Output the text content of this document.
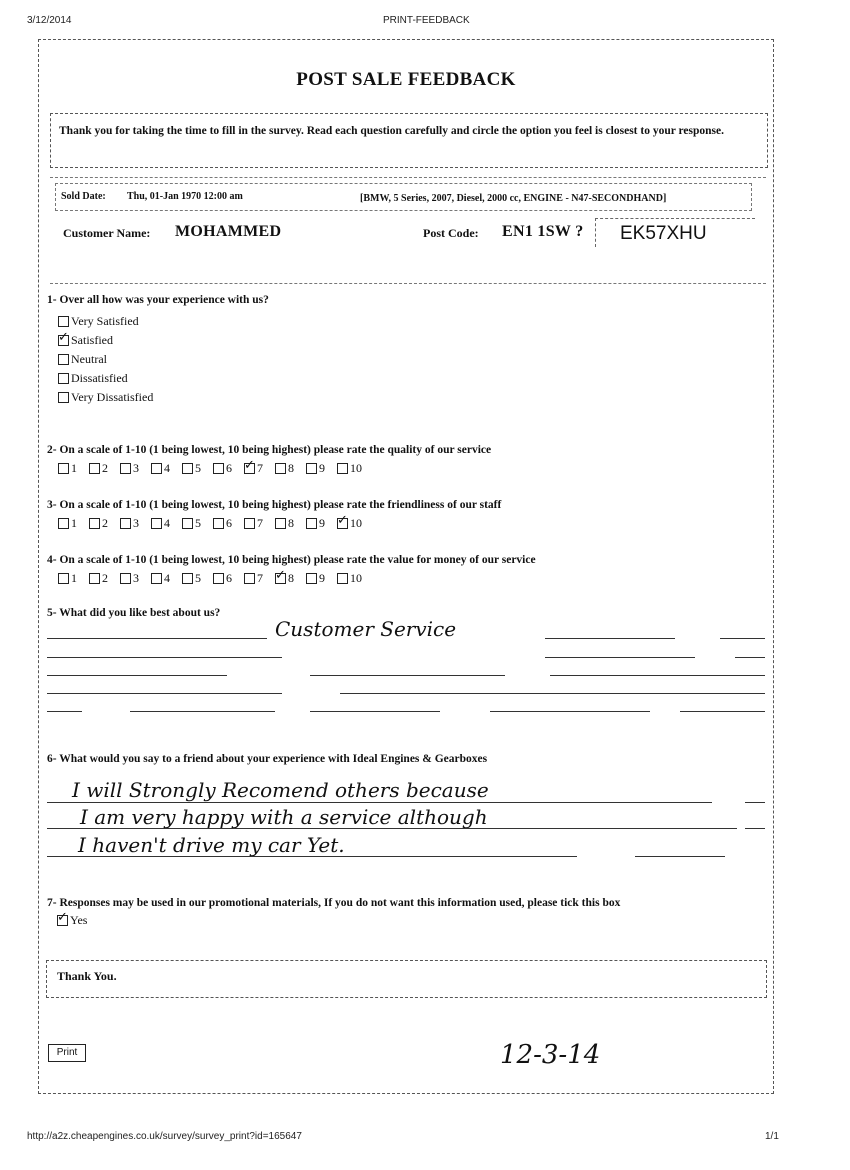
3/12/2014	PRINT-FEEDBACK
POST SALE FEEDBACK
Thank you for taking the time to fill in the survey. Read each question carefully and circle the option you feel is closest to your response.
Sold Date: Thu, 01-Jan 1970 12:00 am	[BMW, 5 Series, 2007, Diesel, 2000 cc, ENGINE - N47-SECONDHAND]
Customer Name: MOHAMMED	Post Code: EN1 1SW ?	EK57XHU
1- Over all how was your experience with us?
Very Satisfied
✓
Satisfied
Neutral
Dissatisfied
Very Dissatisfied
2- On a scale of 1-10 (1 being lowest, 10 being highest) please rate the quality of our service
1 2 3 4 5 6 ✓ 7 8 9 10
3- On a scale of 1-10 (1 being lowest, 10 being highest) please rate the friendliness of our staff
1 2 3 4 5 6 7 8 9 ✓ 10
4- On a scale of 1-10 (1 being lowest, 10 being highest) please rate the value for money of our service
1 2 3 4 5 6 7 ✓ 8 9 10
5- What did you like best about us?
Customer Service
6- What would you say to a friend about your experience with Ideal Engines & Gearboxes
I will Strongly Recomend others because
I am very happy with a service although
I haven't drive my car Yet.
7- Responses may be used in our promotional materials, If you do not want this information used, please tick this box
✓
Yes
Thank You.
Print	12-3-14
http://a2z.cheapengines.co.uk/survey/survey_print?id=165647	1/1
